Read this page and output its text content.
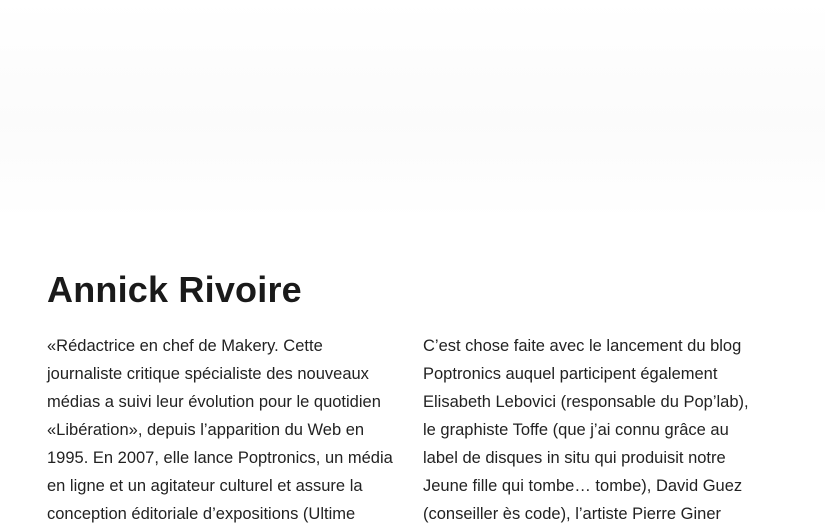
Annick Rivoire
«Rédactrice en chef de Makery. Cette
journaliste critique spécialiste des nouveaux
médias a suivi leur évolution pour le quotidien
«Libération», depuis l’apparition du Web en
1995. En 2007, elle lance Poptronics, un média
en ligne et un agitateur culturel et assure la
conception éditoriale d’expositions (Ultime
C’est chose faite avec le lancement du blog
Poptronics auquel participent également
Elisabeth Lebovici (responsable du Pop’lab),
le graphiste Toffe (que j’ai connu grâce au
label de disques in situ qui produisit notre
Jeune fille qui tombe… tombe), David Guez
(conseiller ès code), l’artiste Pierre Giner
